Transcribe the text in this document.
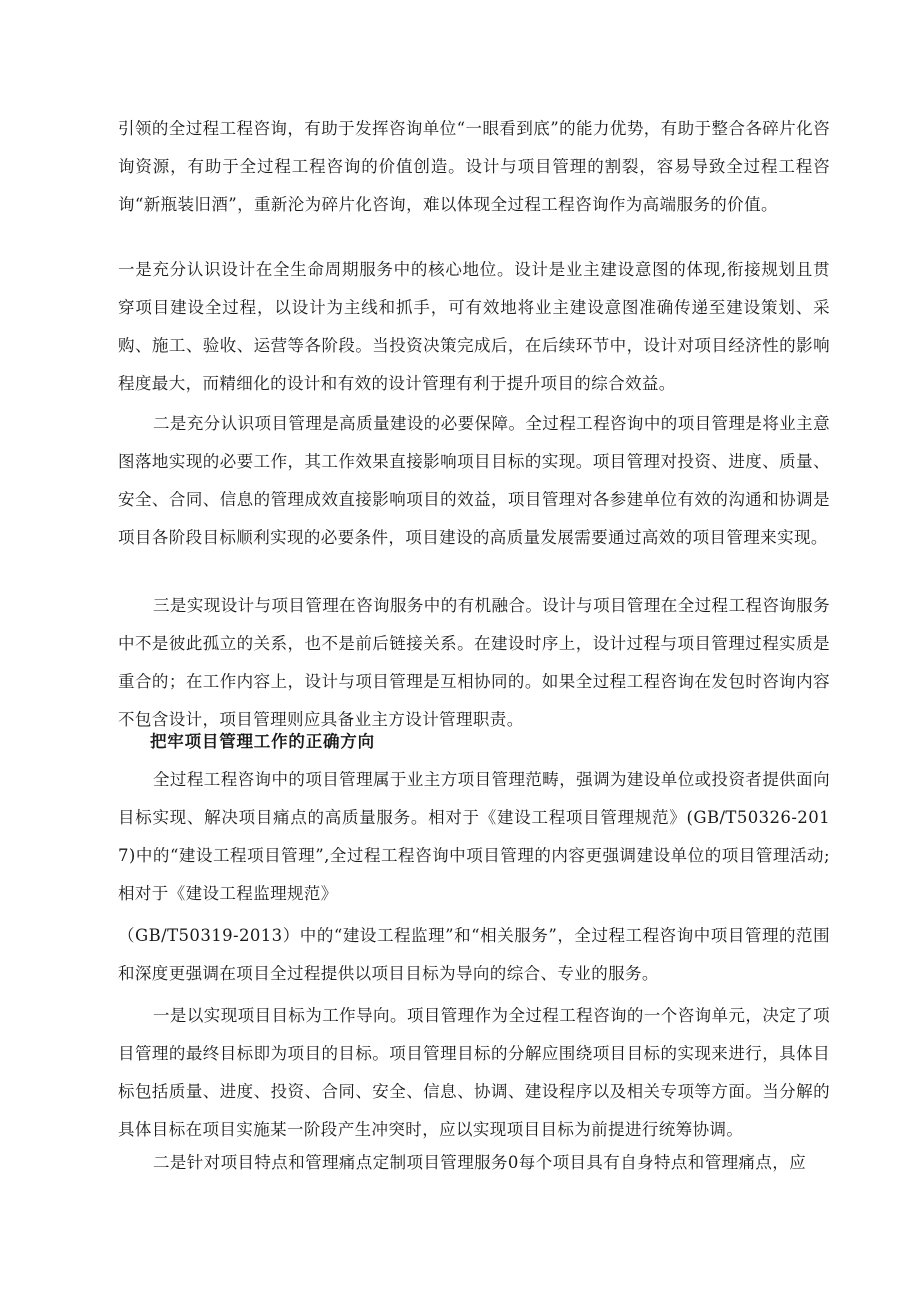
引领的全过程工程咨询，有助于发挥咨询单位“一眼看到底”的能力优势，有助于整合各碎片化咨询资源，有助于全过程工程咨询的价值创造。设计与项目管理的割裂，容易导致全过程工程咨询“新瓶装旧酒”，重新沦为碎片化咨询，难以体现全过程工程咨询作为高端服务的价值。

一是充分认识设计在全生命周期服务中的核心地位。设计是业主建设意图的体现,衔接规划且贯穿项目建设全过程，以设计为主线和抓手，可有效地将业主建设意图准确传递至建设策划、采购、施工、验收、运营等各阶段。当投资决策完成后，在后续环节中，设计对项目经济性的影响程度最大，而精细化的设计和有效的设计管理有利于提升项目的综合效益。

二是充分认识项目管理是高质量建设的必要保障。全过程工程咨询中的项目管理是将业主意图落地实现的必要工作，其工作效果直接影响项目目标的实现。项目管理对投资、进度、质量、安全、合同、信息的管理成效直接影响项目的效益，项目管理对各参建单位有效的沟通和协调是项目各阶段目标顺利实现的必要条件，项目建设的高质量发展需要通过高效的项目管理来实现。

三是实现设计与项目管理在咨询服务中的有机融合。设计与项目管理在全过程工程咨询服务中不是彼此孤立的关系，也不是前后链接关系。在建设时序上，设计过程与项目管理过程实质是重合的；在工作内容上，设计与项目管理是互相协同的。如果全过程工程咨询在发包时咨询内容不包含设计，项目管理则应具备业主方设计管理职责。

把牢项目管理工作的正确方向

全过程工程咨询中的项目管理属于业主方项目管理范畴，强调为建设单位或投资者提供面向目标实现、解决项目痛点的高质量服务。相对于《建设工程项目管理规范》(GB/T50326-2017)中的“建设工程项目管理”,全过程工程咨询中项目管理的内容更强调建设单位的项目管理活动;相对于《建设工程监理规范》

（GB/T50319-2013）中的“建设工程监理”和“相关服务”，全过程工程咨询中项目管理的范围和深度更强调在项目全过程提供以项目目标为导向的综合、专业的服务。

一是以实现项目目标为工作导向。项目管理作为全过程工程咨询的一个咨询单元，决定了项目管理的最终目标即为项目的目标。项目管理目标的分解应围绕项目目标的实现来进行，具体目标包括质量、进度、投资、合同、安全、信息、协调、建设程序以及相关专项等方面。当分解的具体目标在项目实施某一阶段产生冲突时，应以实现项目目标为前提进行统筹协调。

二是针对项目特点和管理痛点定制项目管理服务0每个项目具有自身特点和管理痛点，应
